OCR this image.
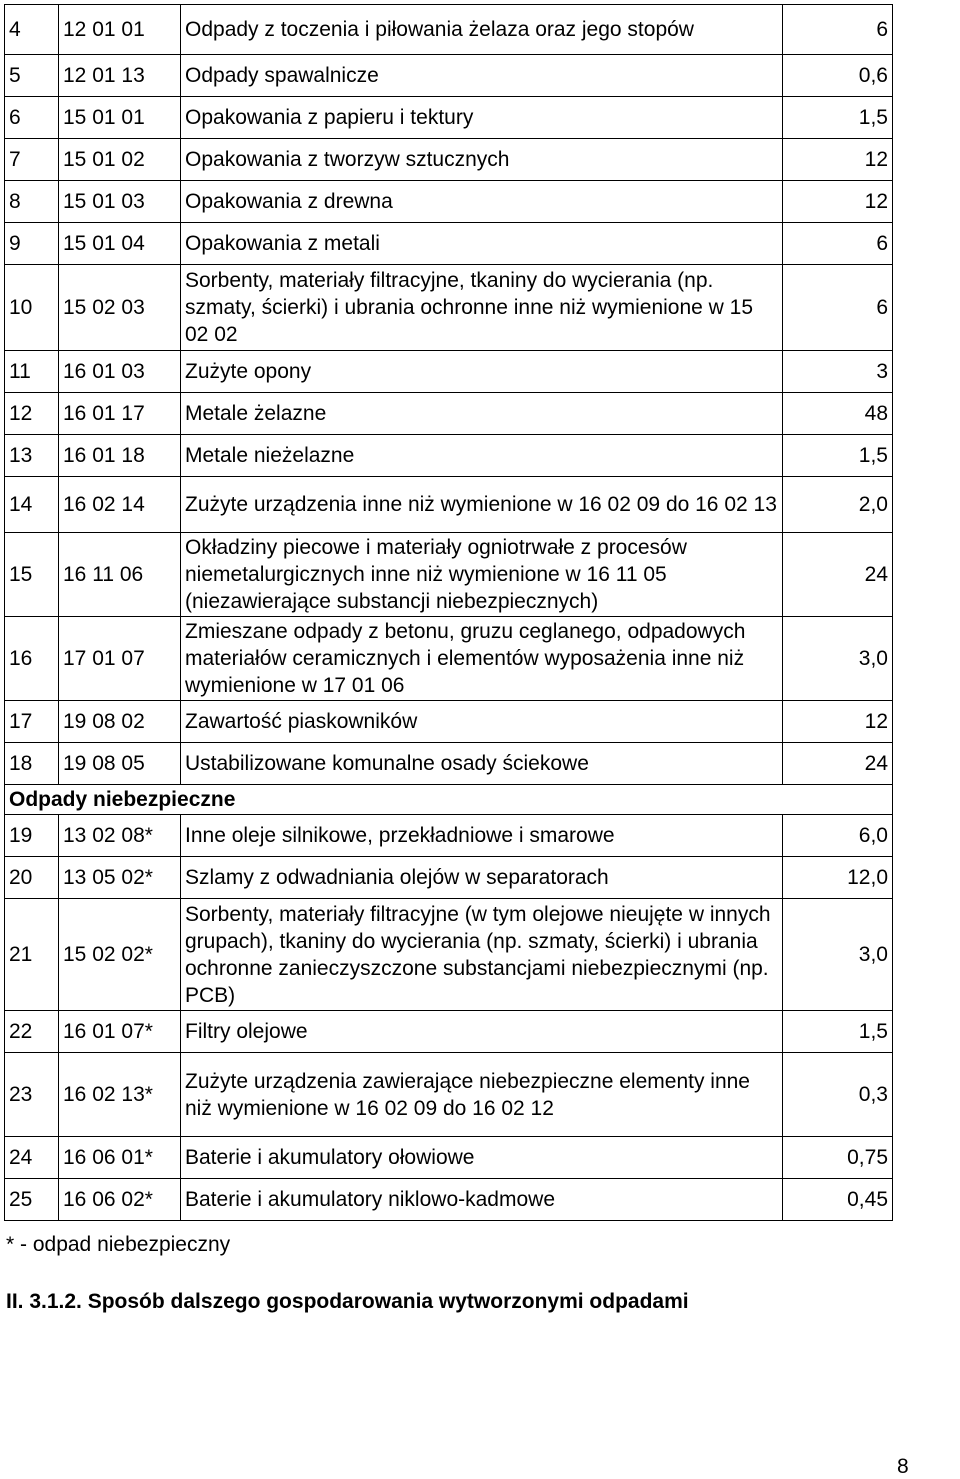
4	12 01 01	Odpady z toczenia i piłowania żelaza oraz jego stopów	6
5	12 01 13	Odpady spawalnicze	0,6
6	15 01 01	Opakowania z papieru i tektury	1,5
7	15 01 02	Opakowania z tworzyw sztucznych	12
8	15 01 03	Opakowania z drewna	12
9	15 01 04	Opakowania z metali	6
10	15 02 03	Sorbenty, materiały filtracyjne, tkaniny do wycierania (np. szmaty, ścierki) i ubrania ochronne inne niż wymienione w 15 02 02	6
11	16 01 03	Zużyte opony	3
12	16 01 17	Metale żelazne	48
13	16 01 18	Metale nieżelazne	1,5
14	16 02 14	Zużyte urządzenia inne niż wymienione w 16 02 09 do 16 02 13	2,0
15	16 11 06	Okładziny piecowe i materiały ogniotrwałe z procesów niemetalurgicznych inne niż wymienione w 16 11 05 (niezawierające substancji niebezpiecznych)	24
16	17 01 07	Zmieszane odpady z betonu, gruzu ceglanego, odpadowych materiałów ceramicznych i elementów wyposażenia inne niż wymienione w 17 01 06	3,0
17	19 08 02	Zawartość piaskowników	12
18	19 08 05	Ustabilizowane komunalne osady ściekowe	24
Odpady niebezpieczne			
19	13 02 08*	Inne oleje silnikowe, przekładniowe i smarowe	6,0
20	13 05 02*	Szlamy z odwadniania olejów w separatorach	12,0
21	15 02 02*	Sorbenty, materiały filtracyjne (w tym olejowe nieujęte w innych grupach), tkaniny do wycierania (np. szmaty, ścierki) i ubrania ochronne zanieczyszczone substancjami niebezpiecznymi (np. PCB)	3,0
22	16 01 07*	Filtry olejowe	1,5
23	16 02 13*	Zużyte urządzenia zawierające niebezpieczne elementy inne niż wymienione w 16 02 09 do 16 02 12	0,3
24	16 06 01*	Baterie i akumulatory ołowiowe	0,75
25	16 06 02*	Baterie i akumulatory niklowo-kadmowe	0,45
* - odpad niebezpieczny
II. 3.1.2. Sposób dalszego gospodarowania wytworzonymi odpadami
8
